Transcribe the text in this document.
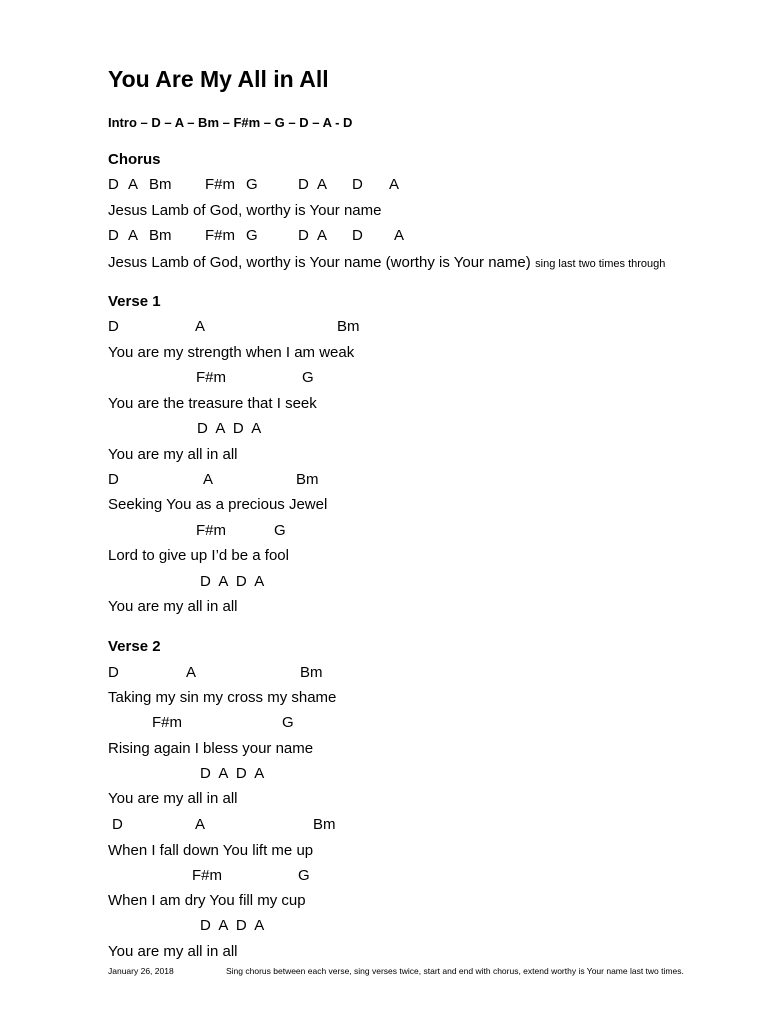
You Are My All in All
Intro – D – A – Bm – F#m – G – D – A - D
Chorus

D

A

Bm

F#m

G

	D

A

D

A

Jesus Lamb of God, worthy is Your name

D

A

Bm

F#m

G

	D

A

D

A

Jesus Lamb of God, worthy is Your name (worthy is Your name) sing last two times through
Verse 1

D

	A

	Bm

You are my strength when I am weak

F#m

	G

You are the treasure that I seek
D  A  D  A
You are my all in all

D

	A

	Bm

Seeking You as a precious Jewel

F#m

	G

Lord to give up I’d be a fool
D  A  D  A
You are my all in all
Verse 2

D

	A

	Bm

Taking my sin my cross my shame

F#m

	G

Rising again I bless your name
D  A  D  A
You are my all in all

D

	A

	Bm

When I fall down You lift me up

F#m

	G

When I am dry You fill my cup
D  A  D  A
You are my all in all
January 26, 2018	Sing chorus between each verse, sing verses twice, start and end with chorus, extend worthy is Your name last two times.
